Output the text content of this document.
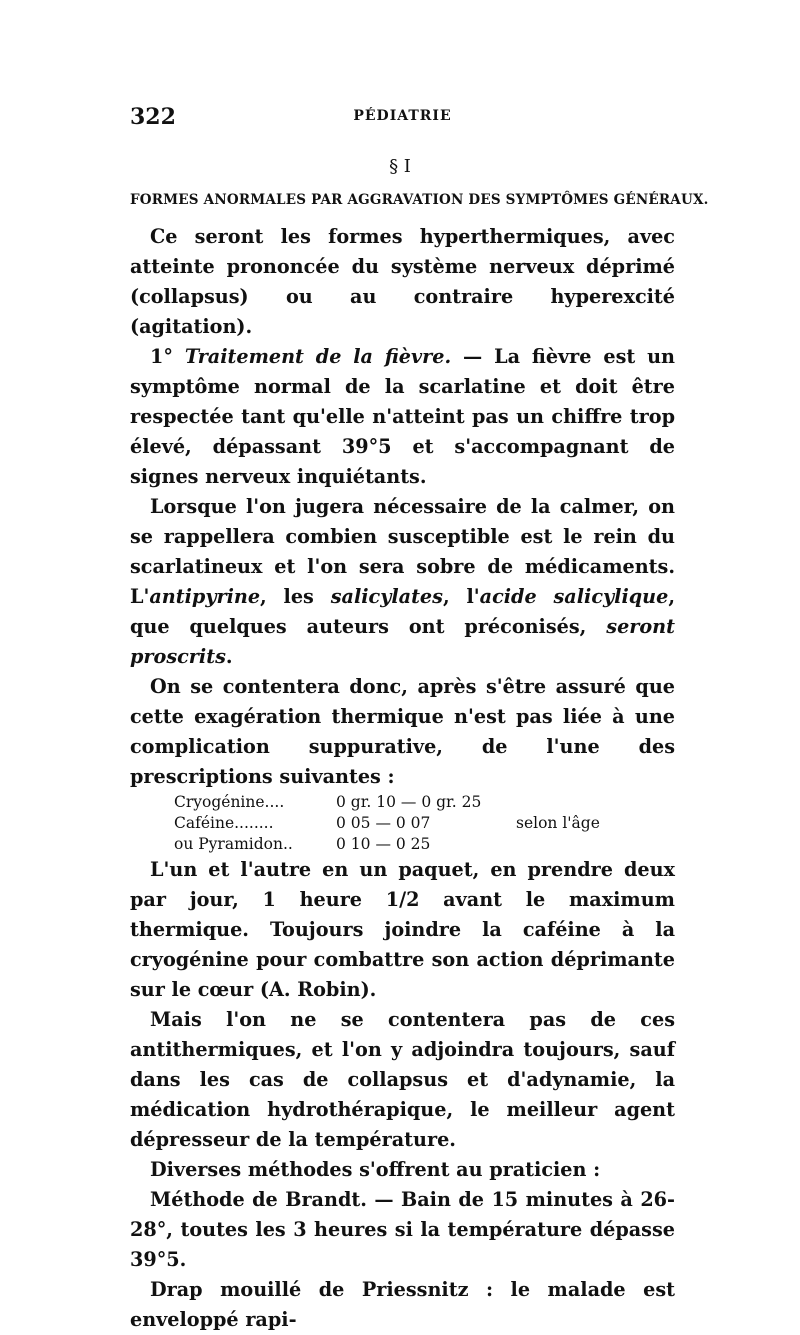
322	PÉDIATRIE
§ I
FORMES ANORMALES PAR AGGRAVATION DES SYMPTÔMES GÉNÉRAUX.

Ce seront les formes hyperthermiques, avec atteinte prononcée du système nerveux déprimé (collapsus) ou au contraire hyperexcité (agitation).

1° Traitement de la fièvre. — La fièvre est un symptôme normal de la scarlatine et doit être respectée tant qu'elle n'atteint pas un chiffre trop élevé, dépassant 39°5 et s'accompagnant de signes nerveux inquiétants.

Lorsque l'on jugera nécessaire de la calmer, on se rappellera combien susceptible est le rein du scarlatineux et l'on sera sobre de médicaments. L'antipyrine, les salicylates, l'acide salicylique, que quelques auteurs ont préconisés, seront proscrits.

On se contentera donc, après s'être assuré que cette exagération thermique n'est pas liée à une complication suppurative, de l'une des prescriptions suivantes :

Cryogénine....	0 gr. 10 — 0 gr. 25
Caféine........	0 05 — 0 07	selon l'âge
ou Pyramidon..	0 10 — 0 25

L'un et l'autre en un paquet, en prendre deux par jour, 1 heure 1/2 avant le maximum thermique. Toujours joindre la caféine à la cryogénine pour combattre son action déprimante sur le cœur (A. Robin).

Mais l'on ne se contentera pas de ces antithermiques, et l'on y adjoindra toujours, sauf dans les cas de collapsus et d'adynamie, la médication hydrothérapique, le meilleur agent dépresseur de la température.

Diverses méthodes s'offrent au praticien :

Méthode de Brandt. — Bain de 15 minutes à 26-28°, toutes les 3 heures si la température dépasse 39°5.

Drap mouillé de Priessnitz : le malade est enveloppé rapi-
